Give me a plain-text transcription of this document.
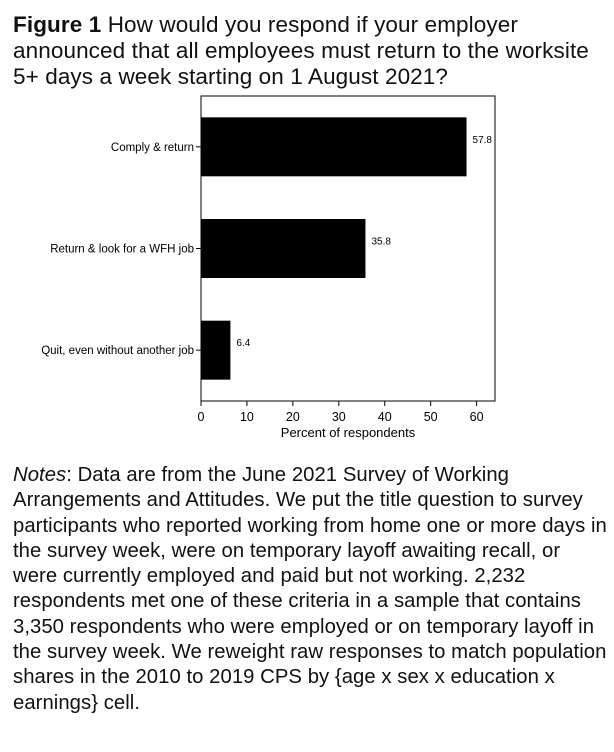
Figure 1 How would you respond if your employer announced that all employees must return to the worksite 5+ days a week starting on 1 August 2021?
57.8
35.8
6.4
Comply & return
Return & look for a WFH job
Quit, even without another job
0	10	20	30	40	50	60
Percent of respondents
Notes: Data are from the June 2021 Survey of Working Arrangements and Attitudes. We put the title question to survey participants who reported working from home one or more days in the survey week, were on temporary layoff awaiting recall, or were currently employed and paid but not working. 2,232 respondents met one of these criteria in a sample that contains 3,350 respondents who were employed or on temporary layoff in the survey week. We reweight raw responses to match population shares in the 2010 to 2019 CPS by {age x sex x education x earnings} cell.
